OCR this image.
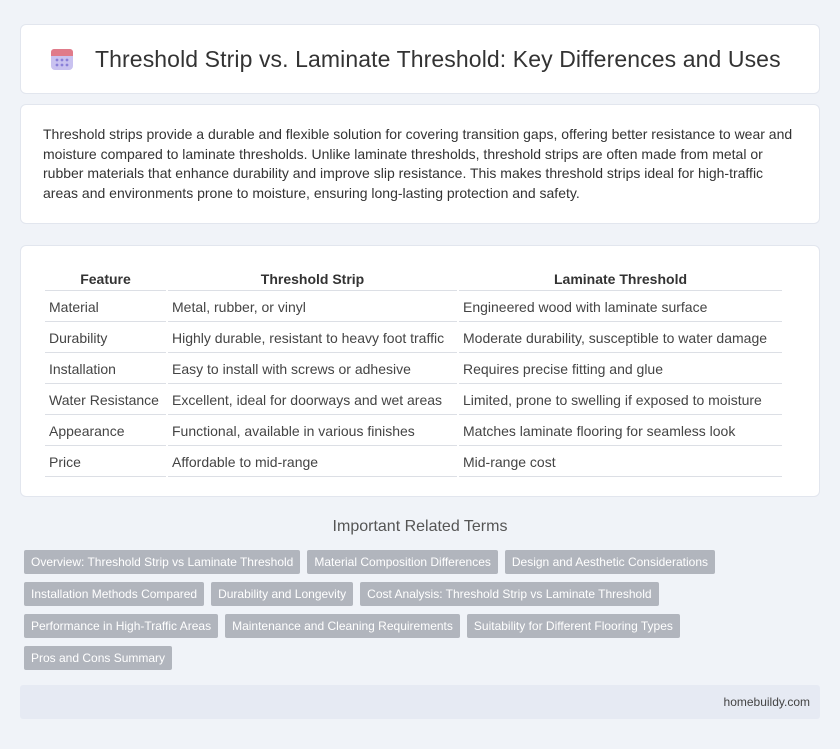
Threshold Strip vs. Laminate Threshold: Key Differences and Uses

Threshold strips provide a durable and flexible solution for covering transition gaps, offering better resistance to wear and moisture compared to laminate thresholds. Unlike laminate thresholds, threshold strips are often made from metal or rubber materials that enhance durability and improve slip resistance. This makes threshold strips ideal for high-traffic areas and environments prone to moisture, ensuring long-lasting protection and safety.

Feature	Threshold Strip	Laminate Threshold
Material	Metal, rubber, or vinyl	Engineered wood with laminate surface
Durability	Highly durable, resistant to heavy foot traffic	Moderate durability, susceptible to water damage
Installation	Easy to install with screws or adhesive	Requires precise fitting and glue
Water Resistance	Excellent, ideal for doorways and wet areas	Limited, prone to swelling if exposed to moisture
Appearance	Functional, available in various finishes	Matches laminate flooring for seamless look
Price	Affordable to mid-range	Mid-range cost
Important Related Terms
Overview: Threshold Strip vs Laminate Threshold	Material Composition Differences	Design and Aesthetic Considerations
Installation Methods Compared	Durability and Longevity	Cost Analysis: Threshold Strip vs Laminate Threshold
Performance in High-Traffic Areas	Maintenance and Cleaning Requirements	Suitability for Different Flooring Types
Pros and Cons Summary
homebuildy.com
